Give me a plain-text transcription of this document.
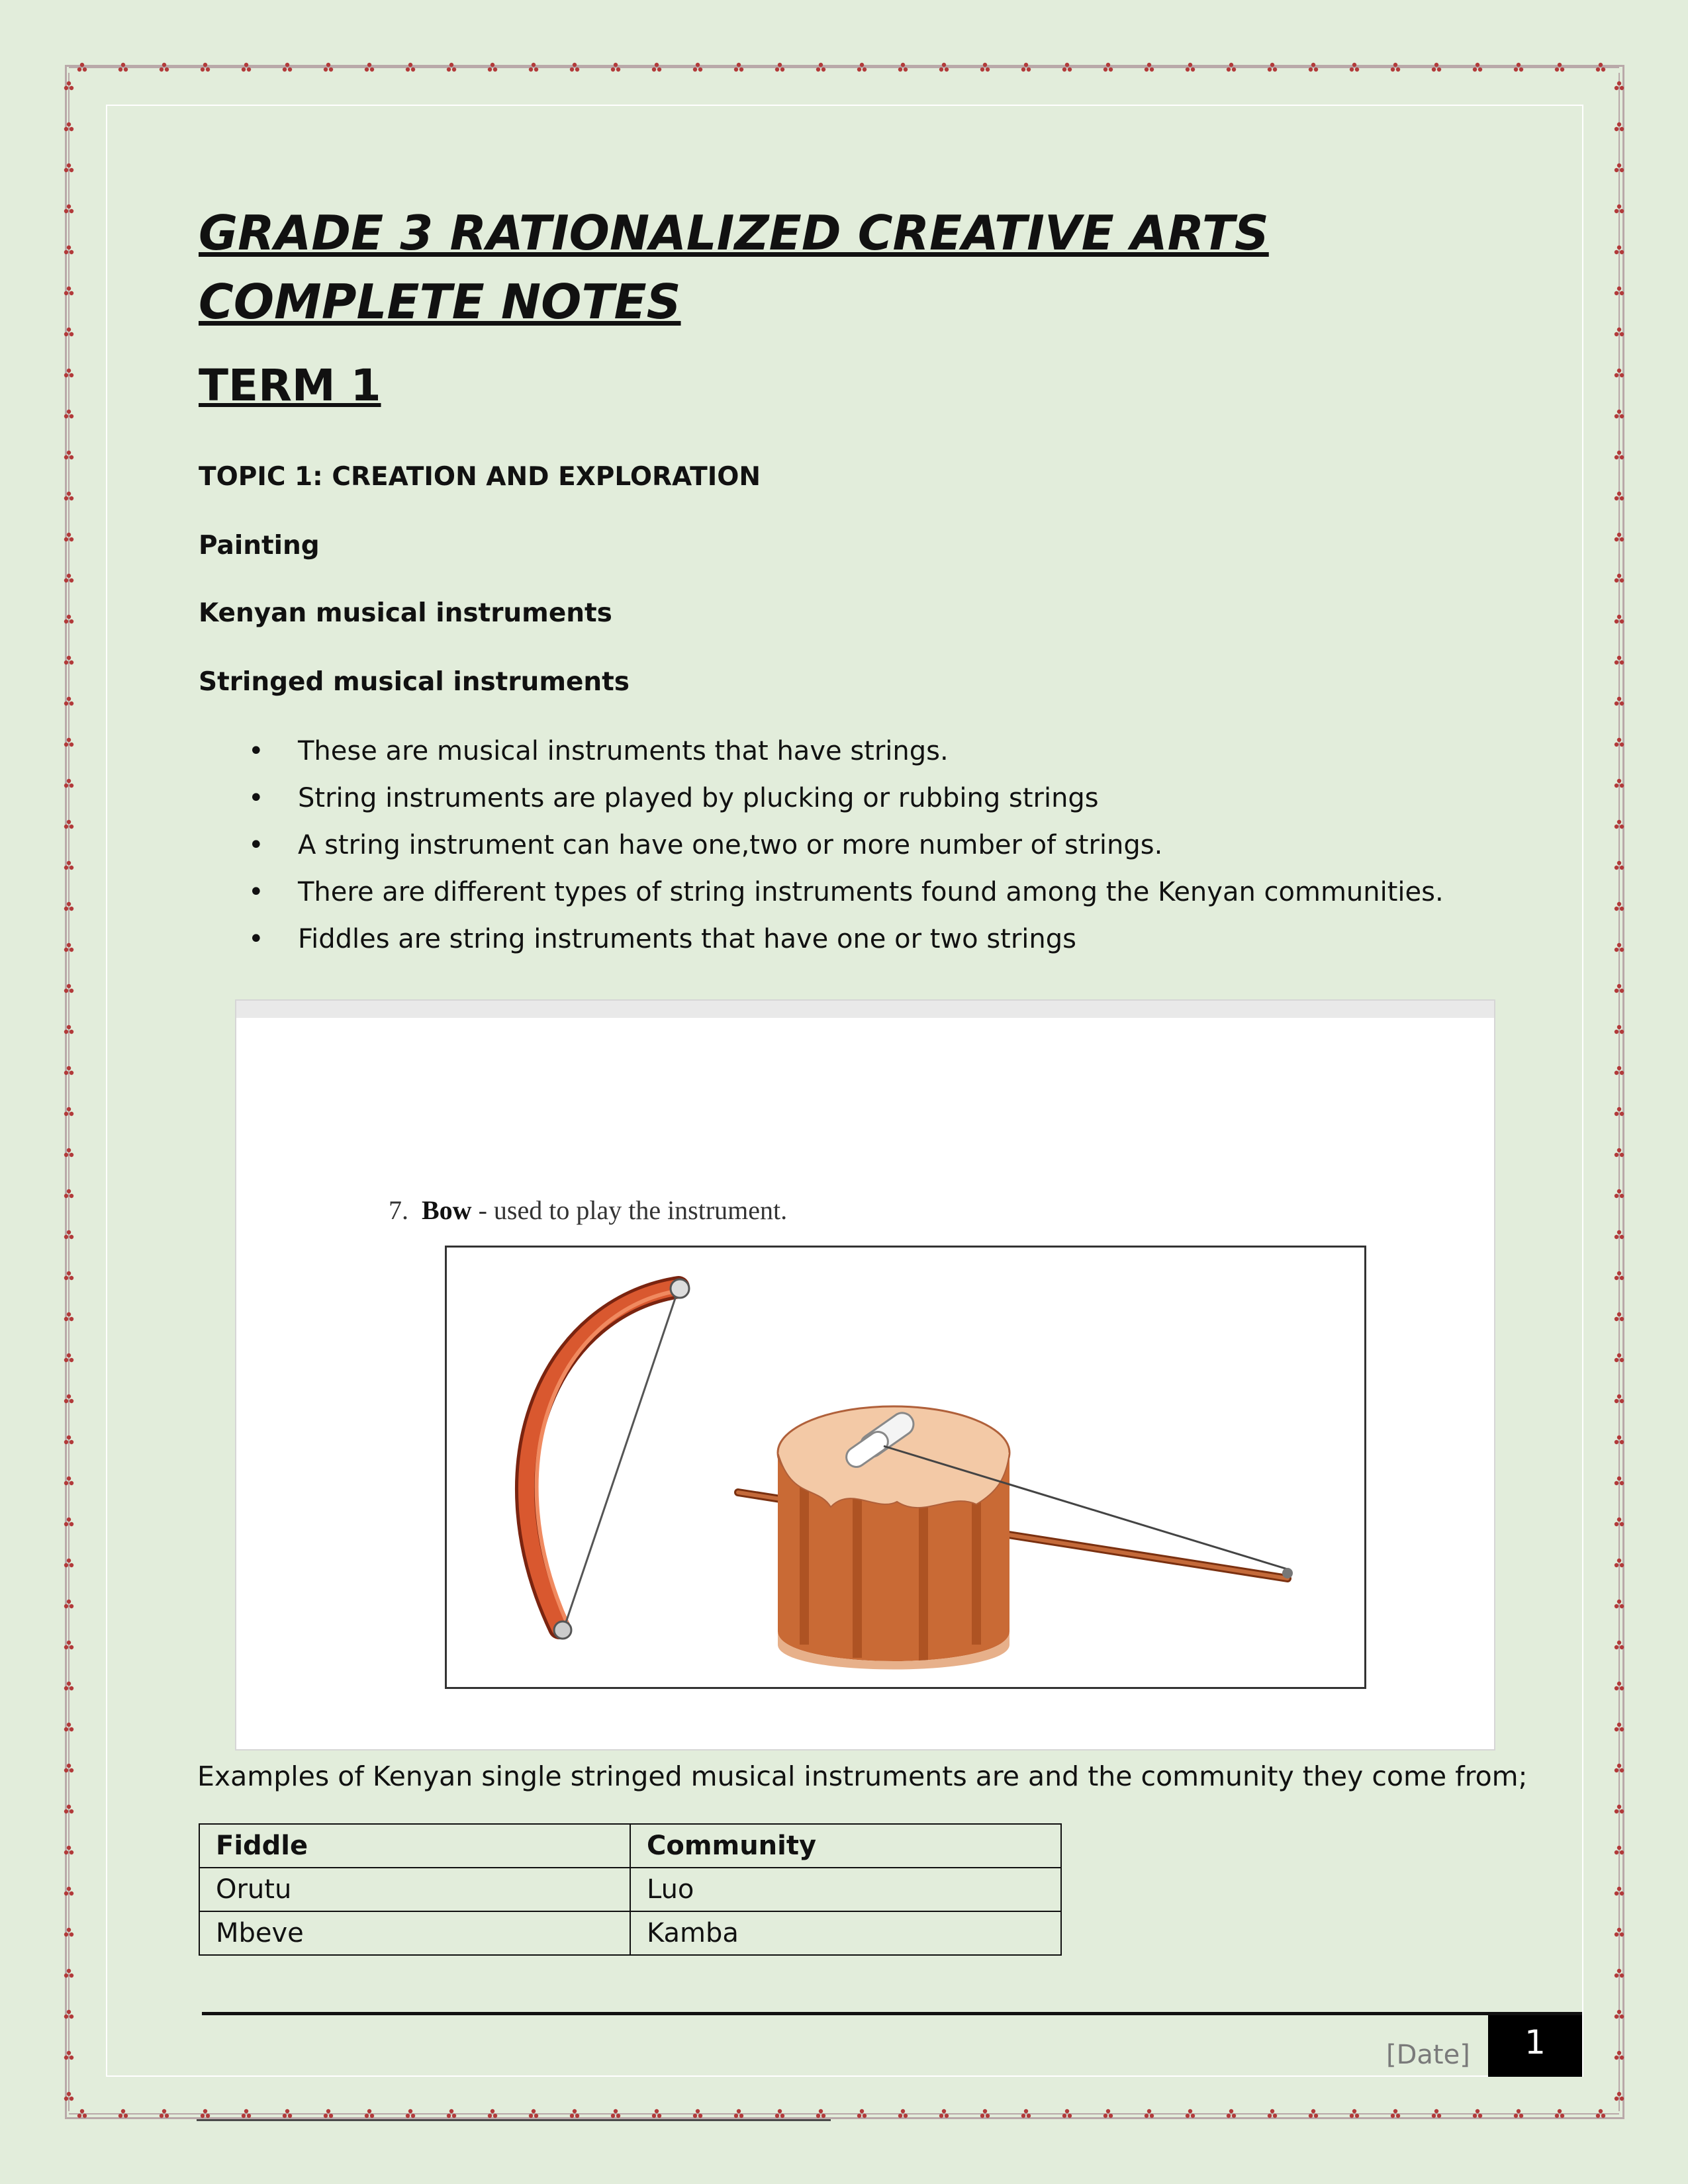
GRADE 3 RATIONALIZED CREATIVE ARTS COMPLETE NOTES
TERM 1

TOPIC 1: CREATION AND EXPLORATION

Painting

Kenyan musical instruments

Stringed musical instruments

• These are musical instruments that have strings.
• String instruments are played by plucking or rubbing strings
• A string instrument can have one,two or more number of strings.
• There are different types of string instruments found among the Kenyan communities.
• Fiddles are string instruments that have one or two strings
7. Bow - used to play the instrument.

Examples of Kenyan single stringed musical instruments are and the community they come from;

Fiddle	Community
Orutu	Luo
Mbeve	Kamba
[Date]	1
